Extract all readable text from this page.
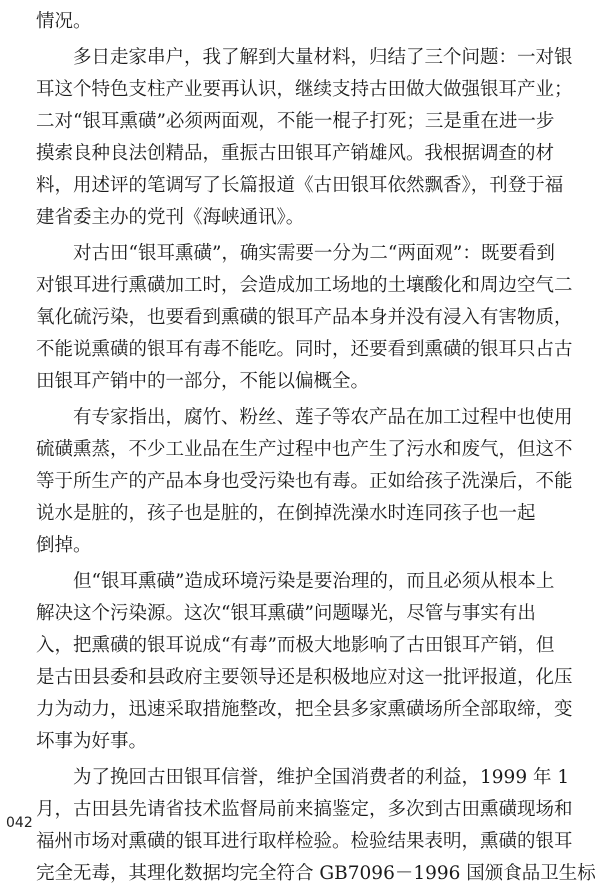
情况。
　　多日走家串户，我了解到大量材料，归结了三个问题：一对银
耳这个特色支柱产业要再认识，继续支持古田做大做强银耳产业；
二对“银耳熏磺”必须两面观，不能一棍子打死；三是重在进一步
摸索良种良法创精品，重振古田银耳产销雄风。我根据调查的材
料，用述评的笔调写了长篇报道《古田银耳依然飘香》，刊登于福
建省委主办的党刊《海峡通讯》。
　　对古田“银耳熏磺”，确实需要一分为二“两面观”：既要看到
对银耳进行熏磺加工时，会造成加工场地的土壤酸化和周边空气二
氧化硫污染，也要看到熏磺的银耳产品本身并没有浸入有害物质，
不能说熏磺的银耳有毒不能吃。同时，还要看到熏磺的银耳只占古
田银耳产销中的一部分，不能以偏概全。
　　有专家指出，腐竹、粉丝、莲子等农产品在加工过程中也使用
硫磺熏蒸，不少工业品在生产过程中也产生了污水和废气，但这不
等于所生产的产品本身也受污染也有毒。正如给孩子洗澡后，不能
说水是脏的，孩子也是脏的，在倒掉洗澡水时连同孩子也一起
倒掉。
　　但“银耳熏磺”造成环境污染是要治理的，而且必须从根本上
解决这个污染源。这次“银耳熏磺”问题曝光，尽管与事实有出
入，把熏磺的银耳说成“有毒”而极大地影响了古田银耳产销，但
是古田县委和县政府主要领导还是积极地应对这一批评报道，化压
力为动力，迅速采取措施整改，把全县多家熏磺场所全部取缔，变
坏事为好事。
　　为了挽回古田银耳信誉，维护全国消费者的利益，1999 年 1
月，古田县先请省技术监督局前来搞鉴定，多次到古田熏磺现场和
福州市场对熏磺的银耳进行取样检验。检验结果表明，熏磺的银耳
完全无毒，其理化数据均完全符合 GB7096－1996 国颁食品卫生标
042
